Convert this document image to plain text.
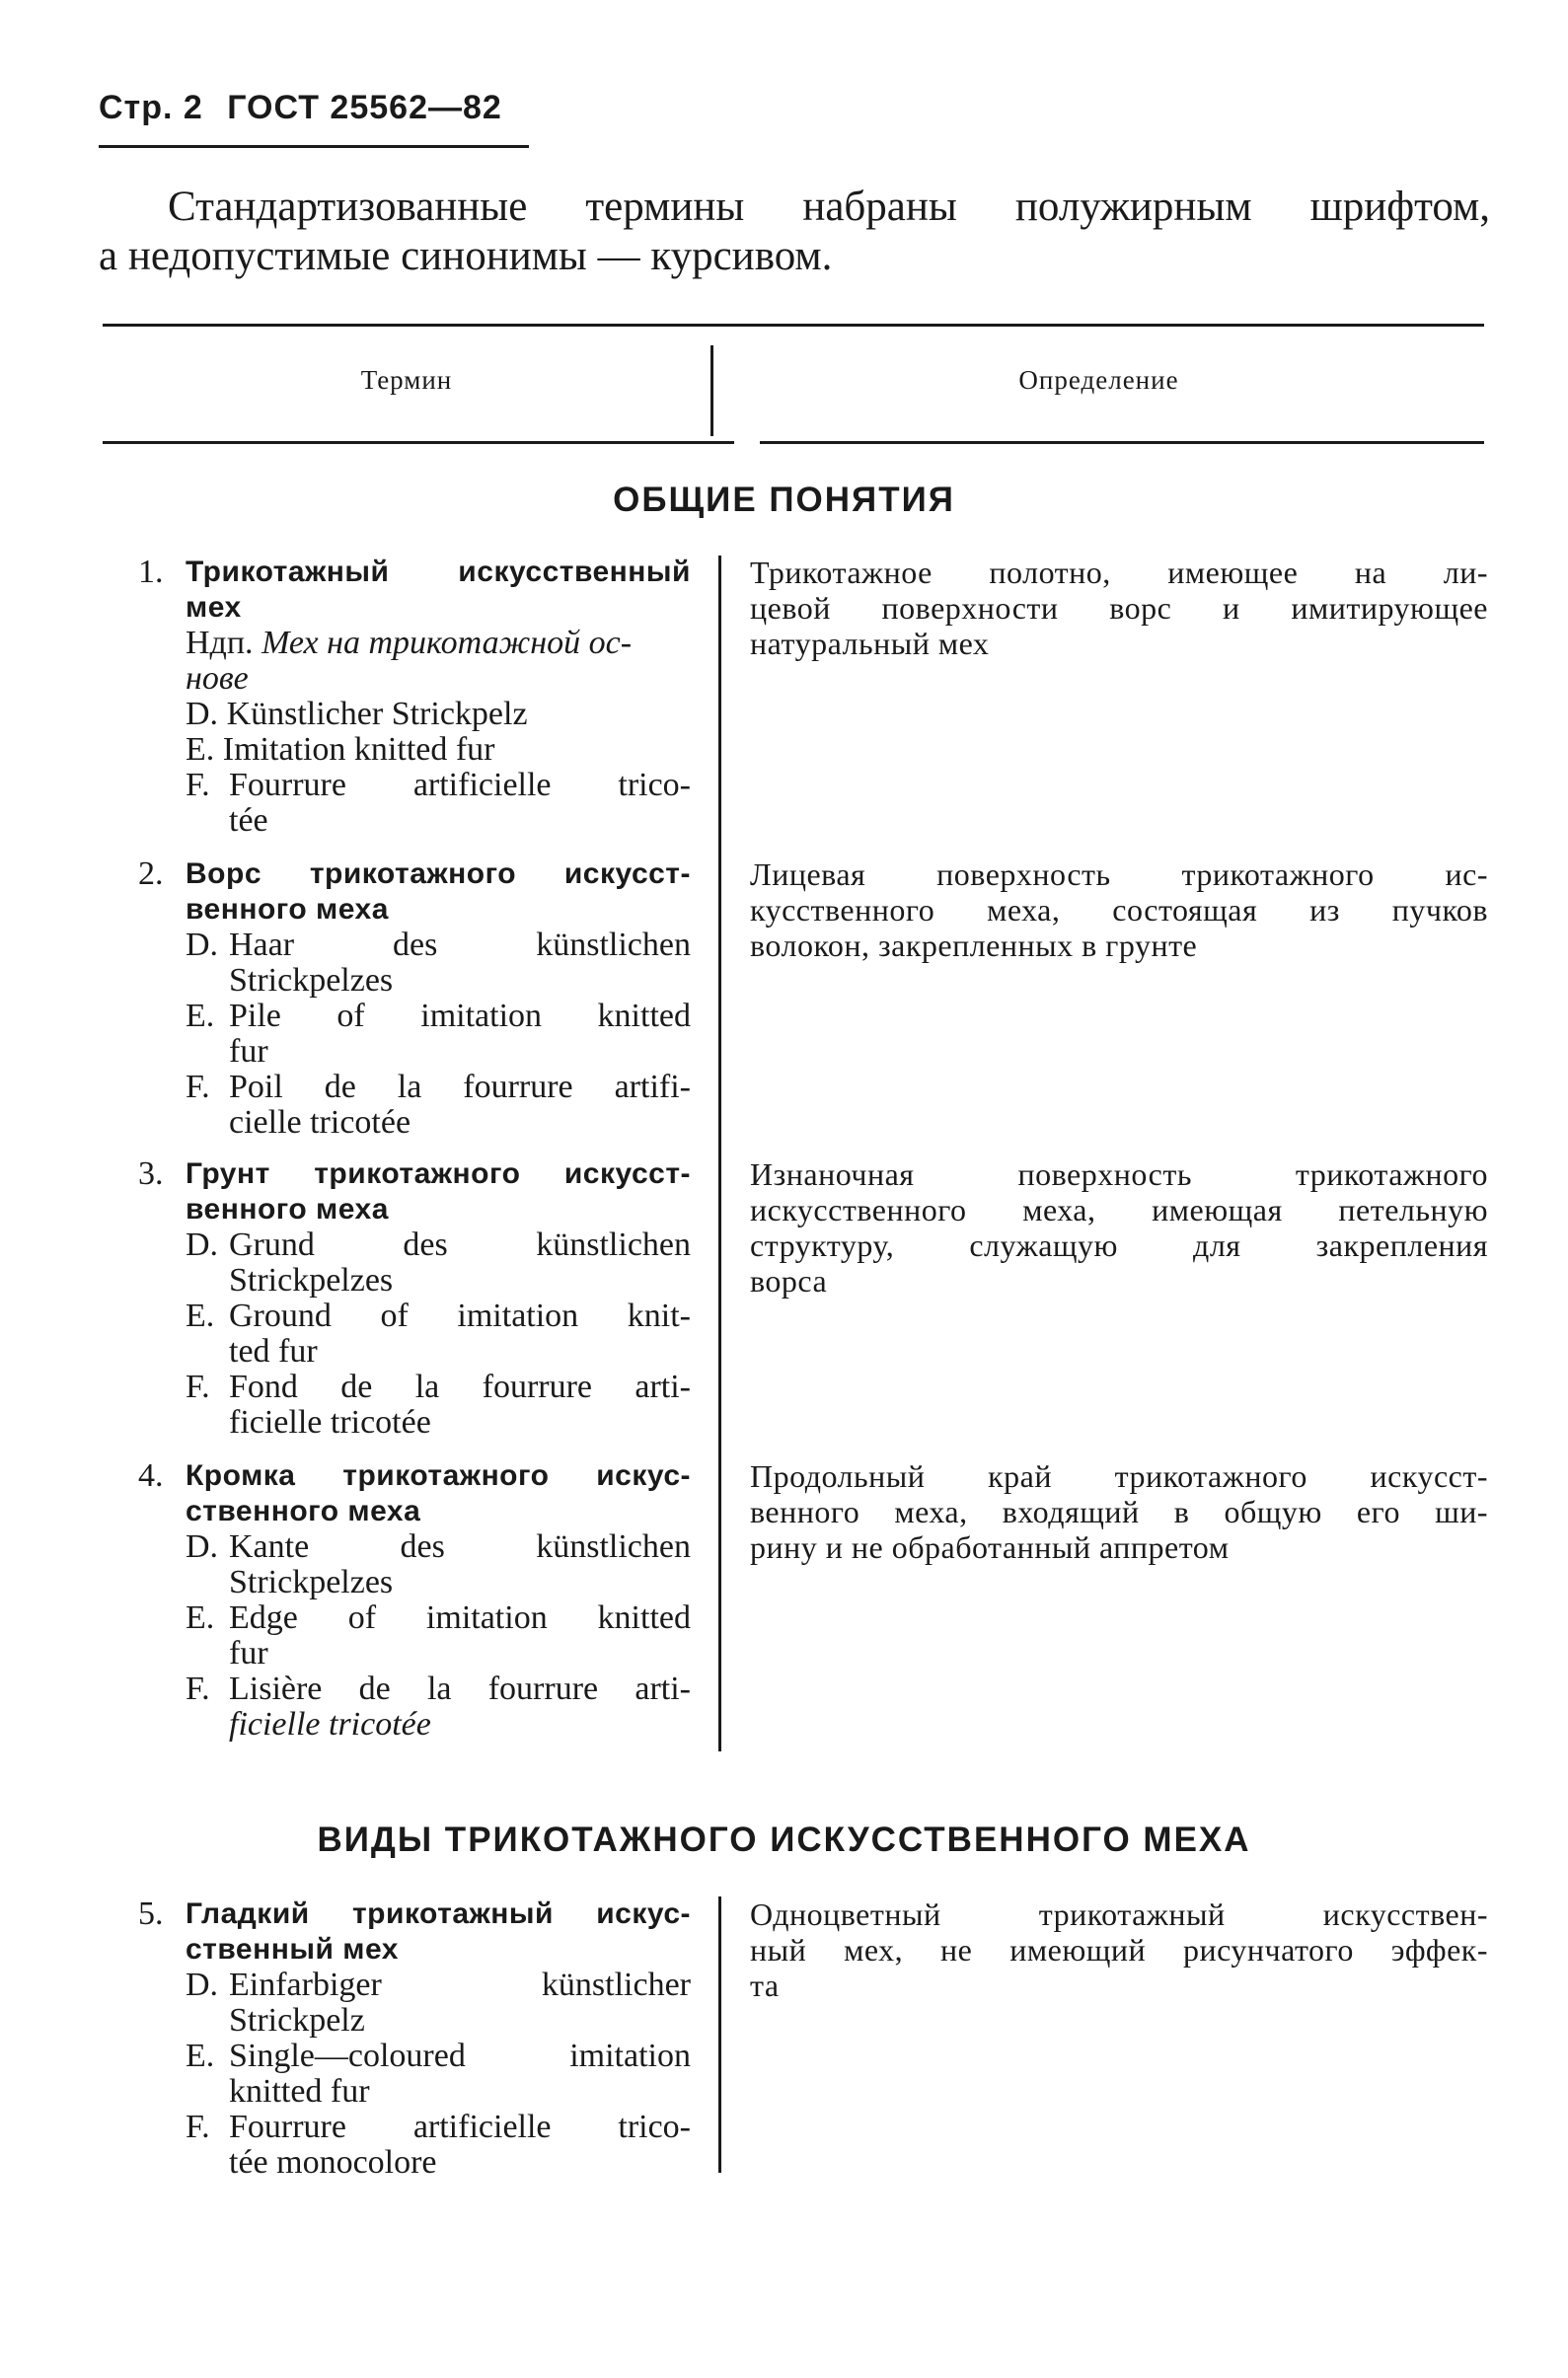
Стр. 2 ГОСТ 25562—82
Стандартизованные термины набраны полужирным шрифтом,
а недопустимые синонимы — курсивом.
Термин	Определение
ОБЩИЕ ПОНЯТИЯ
1. Трикотажный искусственный
мех
Ндп. Мех на трикотажной ос-
нове
D. Künstlicher Strickpelz
E. Imitation knitted fur
F. Fourrure artificielle trico-
tée
Трикотажное полотно, имеющее на ли-
цевой поверхности ворс и имитирующее
натуральный мех
2. Ворс трикотажного искусст-
венного меха
D. Haar des künstlichen
Strickpelzes
E. Pile of imitation knitted
fur
F. Poil de la fourrure artifi-
cielle tricotée
Лицевая поверхность трикотажного ис-
кусственного меха, состоящая из пучков
волокон, закрепленных в грунте
3. Грунт трикотажного искусст-
венного меха
D. Grund des künstlichen
Strickpelzes
E. Ground of imitation knit-
ted fur
F. Fond de la fourrure arti-
ficielle tricotée
Изнаночная поверхность трикотажного
искусственного меха, имеющая петельную
структуру, служащую для закрепления
ворса
4. Кромка трикотажного искус-
ственного меха
D. Kante des künstlichen
Strickpelzes
E. Edge of imitation knitted
fur
F. Lisière de la fourrure arti-
ficielle tricotée
Продольный край трикотажного искусст-
венного меха, входящий в общую его ши-
рину и не обработанный аппретом
ВИДЫ ТРИКОТАЖНОГО ИСКУССТВЕННОГО МЕХА
5. Гладкий трикотажный искус-
ственный мех
D. Einfarbiger künstlicher
Strickpelz
E. Single—coloured imitation
knitted fur
F. Fourrure artificielle trico-
tée monocolore
Одноцветный трикотажный искусствен-
ный мех, не имеющий рисунчатого эффек-
та
